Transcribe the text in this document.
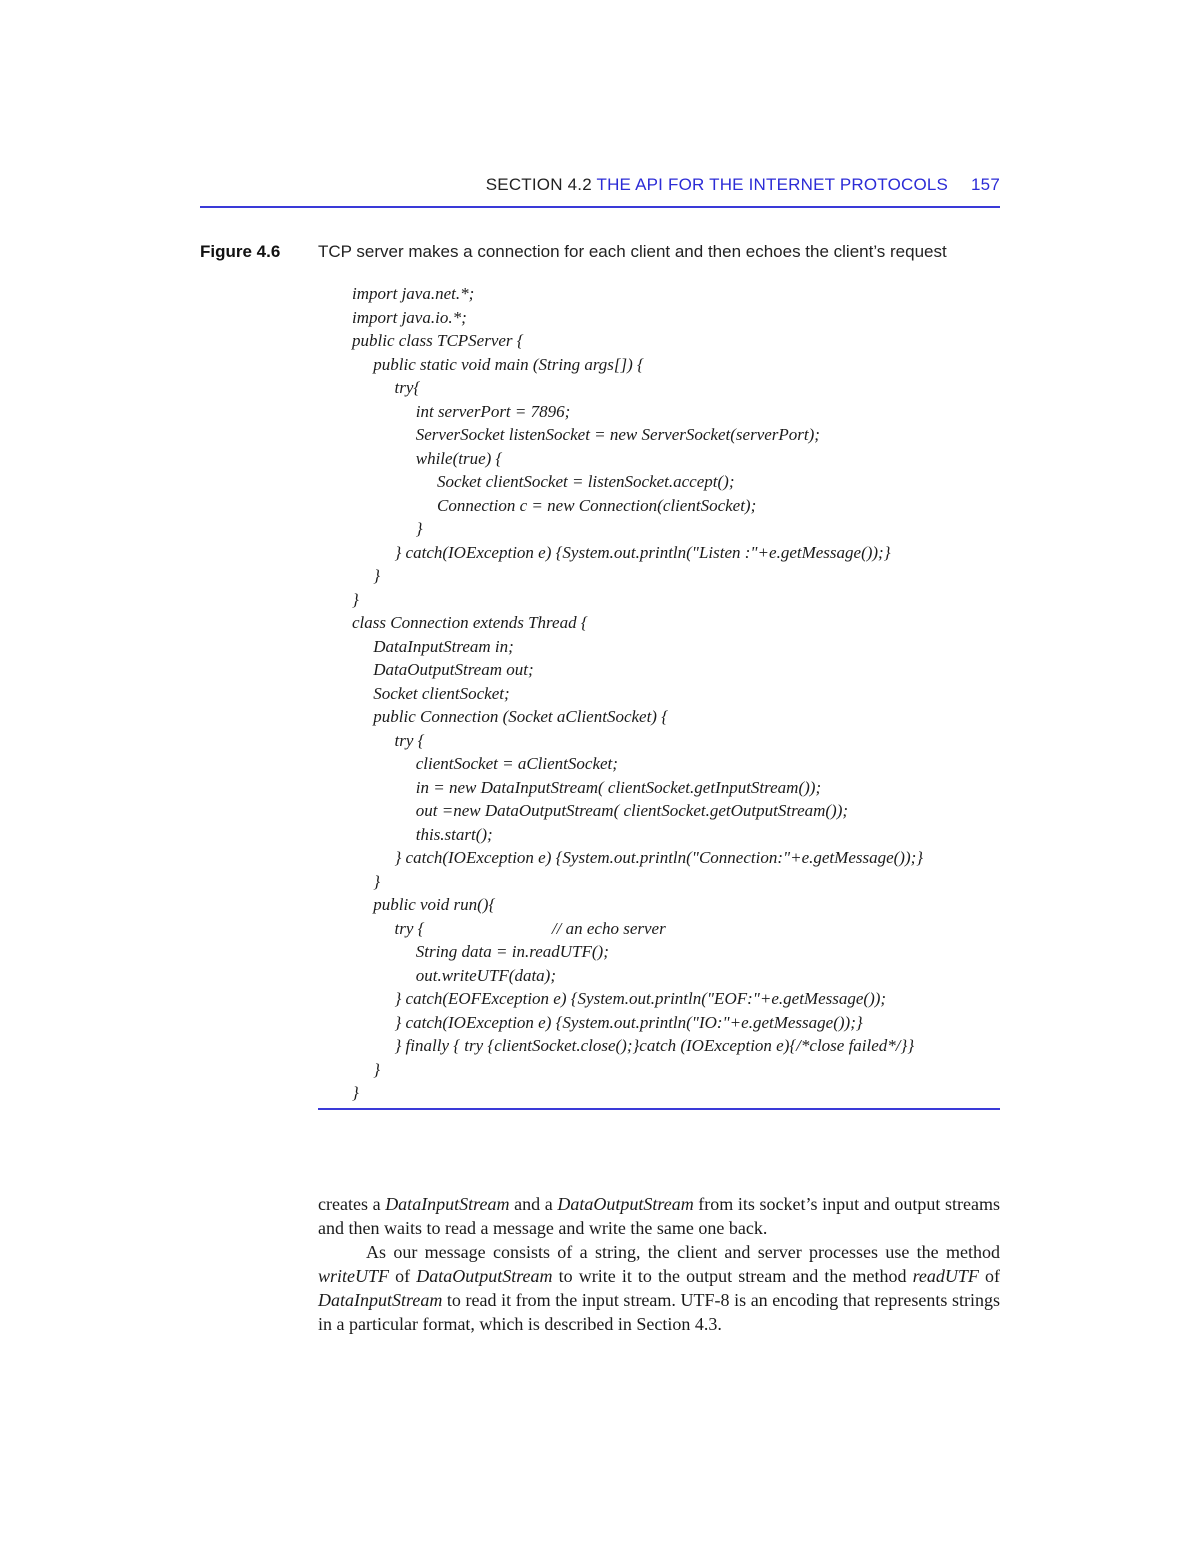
SECTION 4.2 THE API FOR THE INTERNET PROTOCOLS 157
Figure 4.6 TCP server makes a connection for each client and then echoes the client’s request
import java.net.*;
import java.io.*;
public class TCPServer {
public static void main (String args[]) {
try{
int serverPort = 7896;
ServerSocket listenSocket = new ServerSocket(serverPort);
while(true) {
Socket clientSocket = listenSocket.accept();
Connection c = new Connection(clientSocket);
}
} catch(IOException e) {System.out.println("Listen :"+e.getMessage());}
}
}
class Connection extends Thread {
DataInputStream in;
DataOutputStream out;
Socket clientSocket;
public Connection (Socket aClientSocket) {
try {
clientSocket = aClientSocket;
in = new DataInputStream( clientSocket.getInputStream());
out =new DataOutputStream( clientSocket.getOutputStream());
this.start();
} catch(IOException e) {System.out.println("Connection:"+e.getMessage());}
}
public void run(){
try {                              // an echo server
String data = in.readUTF();
out.writeUTF(data);
} catch(EOFException e) {System.out.println("EOF:"+e.getMessage());
} catch(IOException e) {System.out.println("IO:"+e.getMessage());}
} finally { try {clientSocket.close();}catch (IOException e){/*close failed*/}}
}
}

creates a DataInputStream and a DataOutputStream from its socket’s input and output streams and then waits to read a message and write the same one back.

As our message consists of a string, the client and server processes use the method writeUTF of DataOutputStream to write it to the output stream and the method readUTF of DataInputStream to read it from the input stream. UTF-8 is an encoding that represents strings in a particular format, which is described in Section 4.3.
